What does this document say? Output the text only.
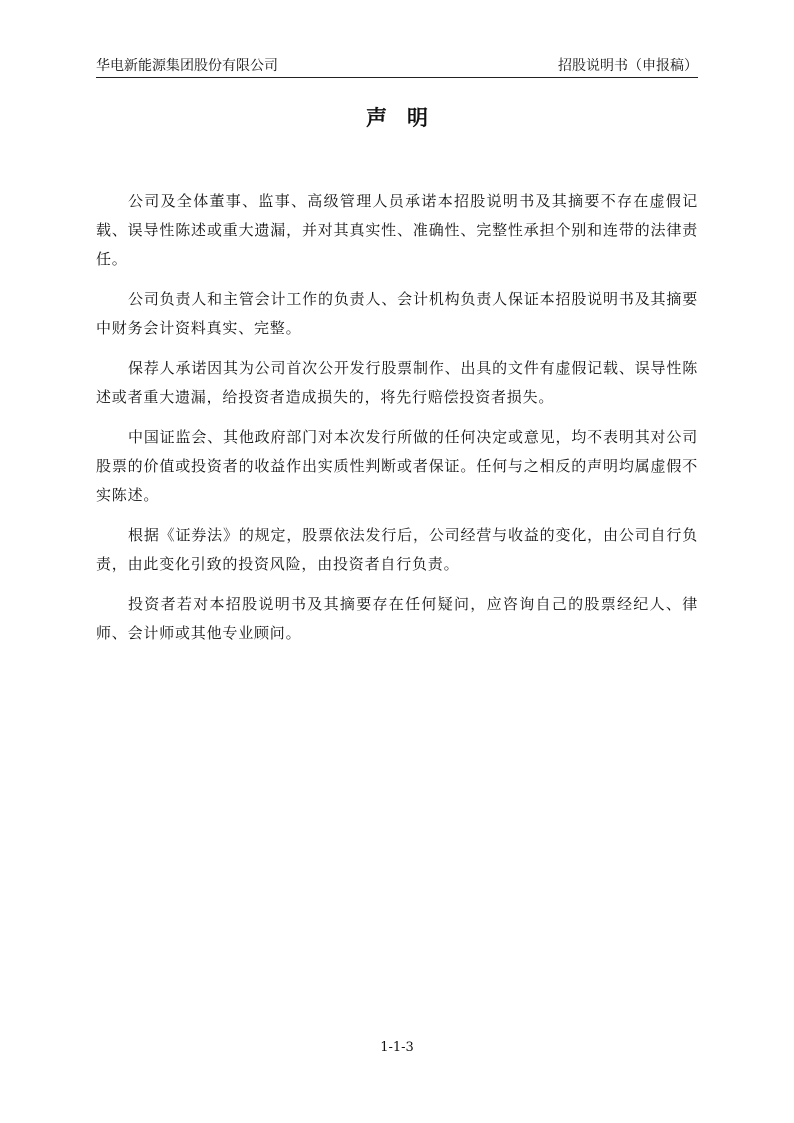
华电新能源集团股份有限公司	招股说明书（申报稿）
声明

公司及全体董事、监事、高级管理人员承诺本招股说明书及其摘要不存在虚假记载、误导性陈述或重大遗漏，并对其真实性、准确性、完整性承担个别和连带的法律责任。

公司负责人和主管会计工作的负责人、会计机构负责人保证本招股说明书及其摘要中财务会计资料真实、完整。

保荐人承诺因其为公司首次公开发行股票制作、出具的文件有虚假记载、误导性陈述或者重大遗漏，给投资者造成损失的，将先行赔偿投资者损失。

中国证监会、其他政府部门对本次发行所做的任何决定或意见，均不表明其对公司股票的价值或投资者的收益作出实质性判断或者保证。任何与之相反的声明均属虚假不实陈述。

根据《证券法》的规定，股票依法发行后，公司经营与收益的变化，由公司自行负责，由此变化引致的投资风险，由投资者自行负责。

投资者若对本招股说明书及其摘要存在任何疑问，应咨询自己的股票经纪人、律师、会计师或其他专业顾问。

1-1-3
